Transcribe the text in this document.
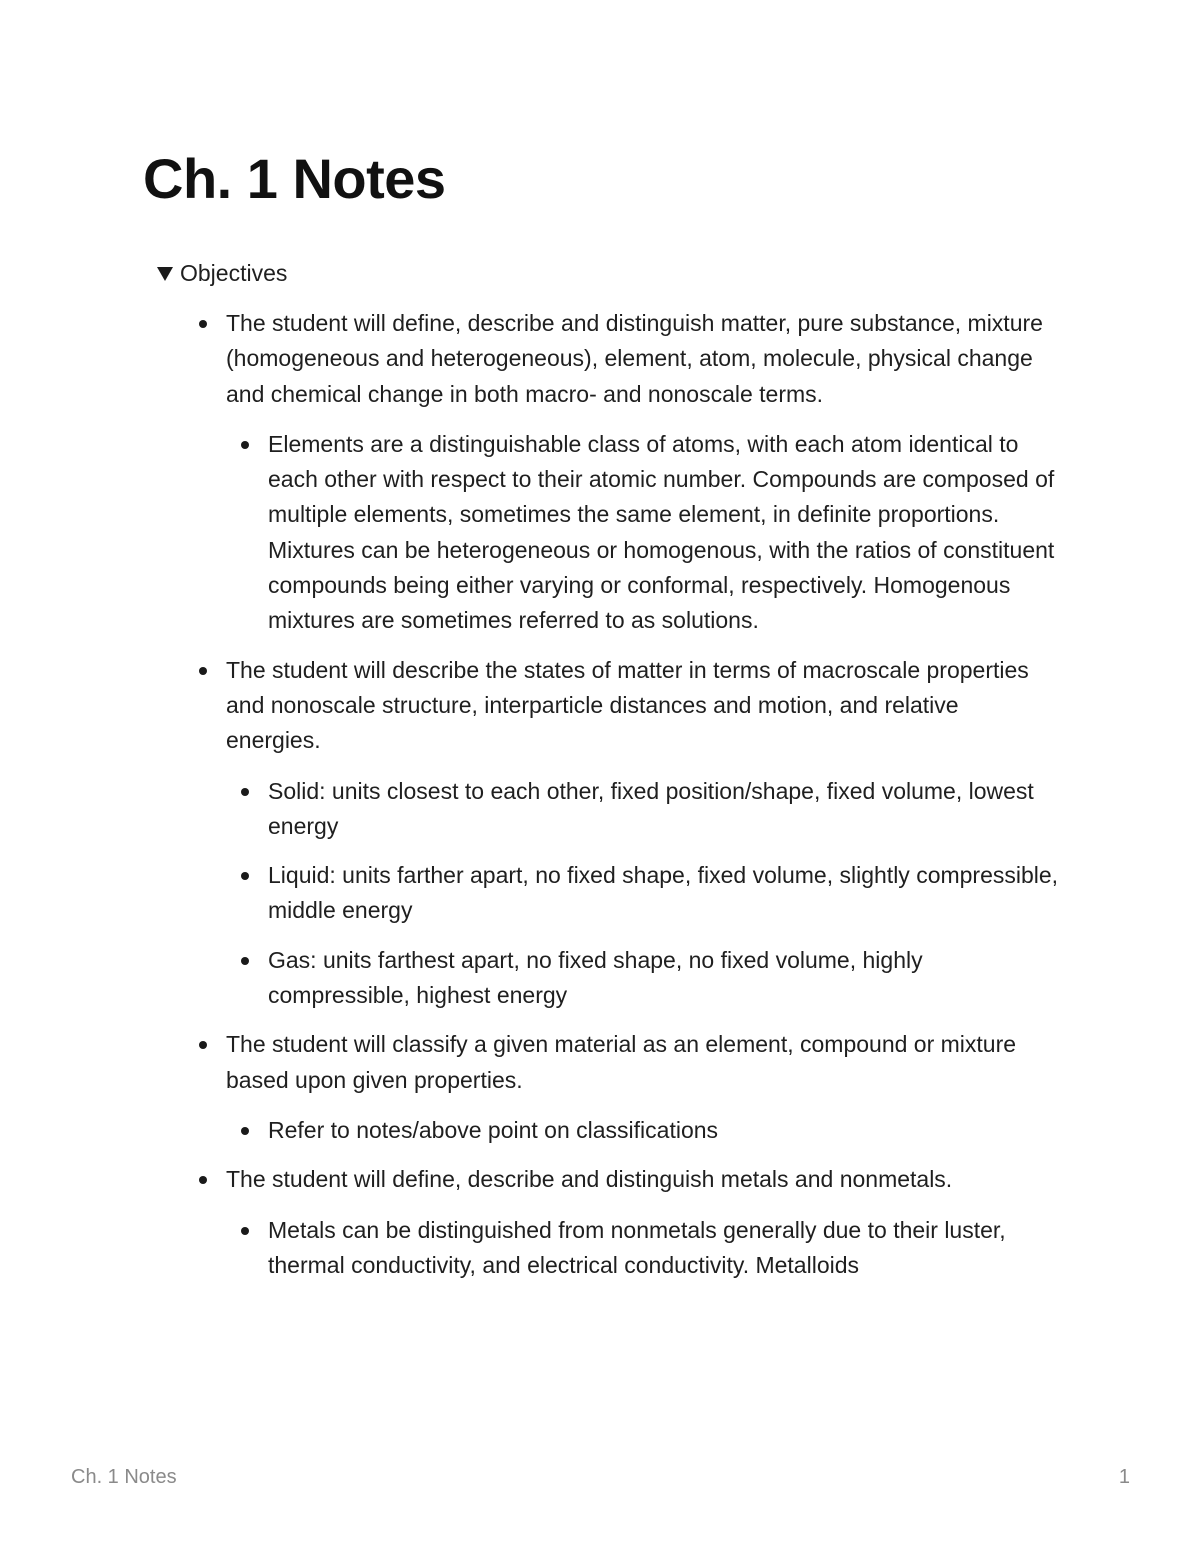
Ch. 1 Notes
Objectives
The student will define, describe and distinguish matter, pure substance, mixture (homogeneous and heterogeneous), element, atom, molecule, physical change and chemical change in both macro- and nonoscale terms.
Elements are a distinguishable class of atoms, with each atom identical to each other with respect to their atomic number. Compounds are composed of multiple elements, sometimes the same element, in definite proportions. Mixtures can be heterogeneous or homogenous, with the ratios of constituent compounds being either varying or conformal, respectively. Homogenous mixtures are sometimes referred to as solutions.
The student will describe the states of matter in terms of macroscale properties and nonoscale structure, interparticle distances and motion, and relative energies.
Solid: units closest to each other, fixed position/shape, fixed volume, lowest energy
Liquid: units farther apart, no fixed shape, fixed volume, slightly compressible, middle energy
Gas: units farthest apart, no fixed shape, no fixed volume, highly compressible, highest energy
The student will classify a given material as an element, compound or mixture based upon given properties.
Refer to notes/above point on classifications
The student will define, describe and distinguish metals and nonmetals.
Metals can be distinguished from nonmetals generally due to their luster, thermal conductivity, and electrical conductivity. Metalloids
Ch. 1 Notes	1
